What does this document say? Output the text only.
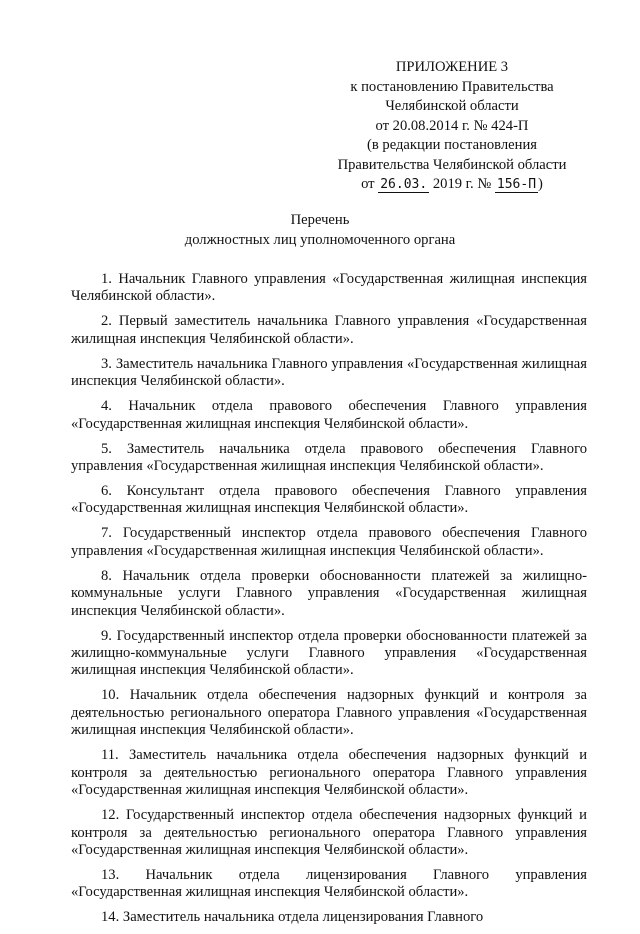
ПРИЛОЖЕНИЕ 3
к постановлению Правительства
Челябинской области
от 20.08.2014 г. № 424-П
(в редакции постановления
Правительства Челябинской области
от 26.03. 2019 г. № 156-П )
Перечень
должностных лиц уполномоченного органа

1. Начальник Главного управления «Государственная жилищная инспекция Челябинской области».

2. Первый заместитель начальника Главного управления «Государственная жилищная инспекция Челябинской области».

3. Заместитель начальника Главного управления «Государственная жилищная инспекция Челябинской области».

4. Начальник отдела правового обеспечения Главного управления «Государственная жилищная инспекция Челябинской области».

5. Заместитель начальника отдела правового обеспечения Главного управления «Государственная жилищная инспекция Челябинской области».

6. Консультант отдела правового обеспечения Главного управления «Государственная жилищная инспекция Челябинской области».

7. Государственный инспектор отдела правового обеспечения Главного управления «Государственная жилищная инспекция Челябинской области».

8. Начальник отдела проверки обоснованности платежей за жилищно-коммунальные услуги Главного управления «Государственная жилищная инспекция Челябинской области».

9. Государственный инспектор отдела проверки обоснованности платежей за жилищно-коммунальные услуги Главного управления «Государственная жилищная инспекция Челябинской области».

10. Начальник отдела обеспечения надзорных функций и контроля за деятельностью регионального оператора Главного управления «Государственная жилищная инспекция Челябинской области».

11. Заместитель начальника отдела обеспечения надзорных функций и контроля за деятельностью регионального оператора Главного управления «Государственная жилищная инспекция Челябинской области».

12. Государственный инспектор отдела обеспечения надзорных функций и контроля за деятельностью регионального оператора Главного управления «Государственная жилищная инспекция Челябинской области».

13. Начальник отдела лицензирования Главного управления «Государственная жилищная инспекция Челябинской области».

14. Заместитель начальника отдела лицензирования Главного
